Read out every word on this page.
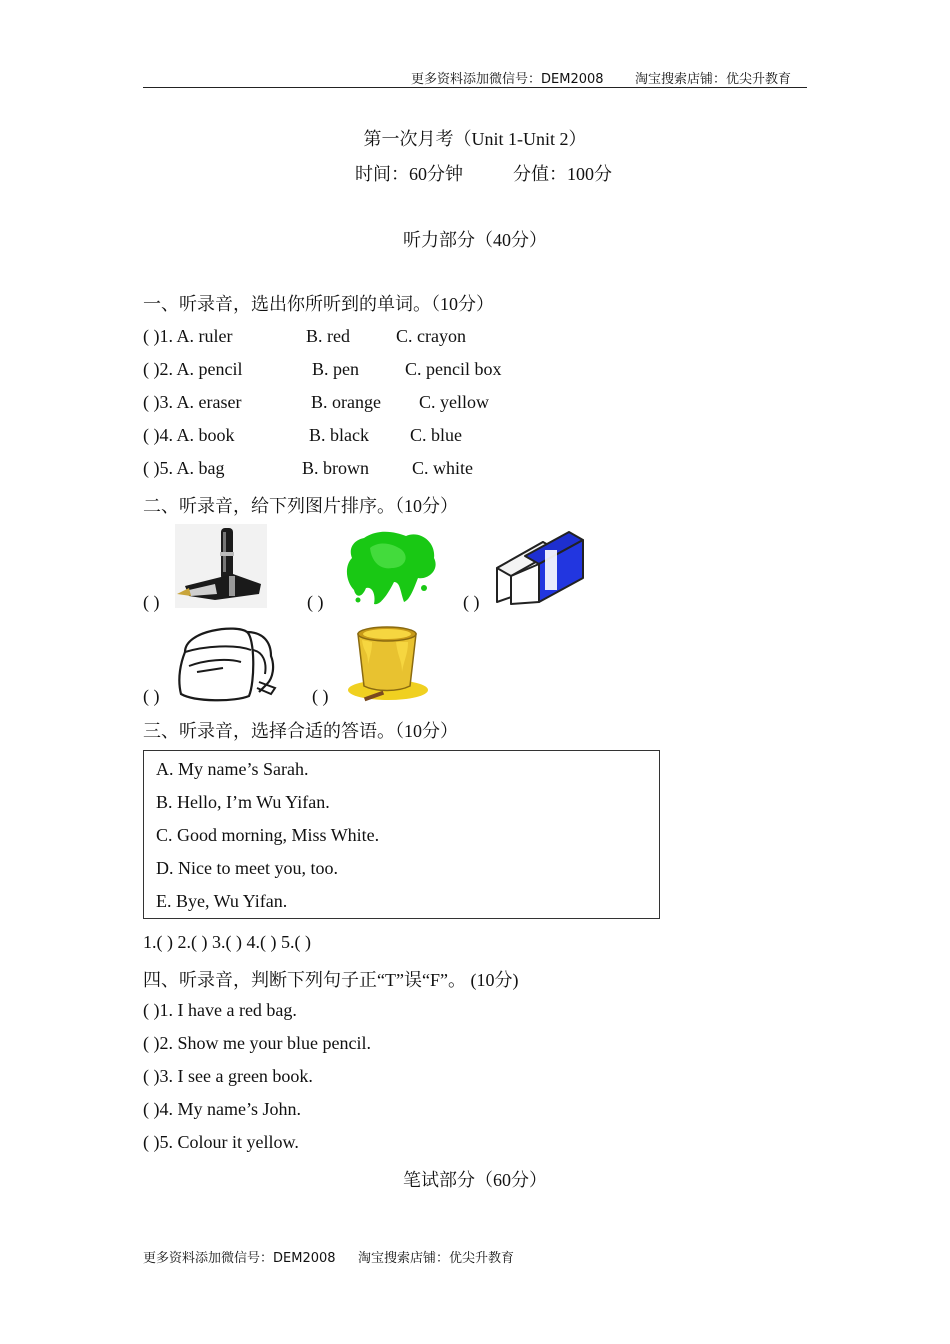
更多资料添加微信号：DEM2008 淘宝搜索店铺：优尖升教育
第一次月考（Unit 1-Unit 2）
时间：60分钟	分值：100分
听力部分（40分）
一、听录音，选出你所听到的单词。（10分）
( )1. A. ruler	B. red	C. crayon
( )2. A. pencil	B. pen	C. pencil box
( )3. A. eraser	B. orange C. yellow
( )4. A. book	B. black C. blue
( )5. A. bag	B. brown C. white
二、听录音，给下列图片排序。（10分）
( )	( )	( )
( )	( )
三、听录音，选择合适的答语。（10分）
A. My name’s Sarah.
B. Hello, I’m Wu Yifan.
C. Good morning, Miss White.
D. Nice to meet you, too.
E. Bye, Wu Yifan.
1.( ) 2.( ) 3.( ) 4.( ) 5.( )
四、听录音，判断下列句子正“T”误“F”。 (10分)
( )1. I have a red bag.
( )2. Show me your blue pencil.
( )3. I see a green book.
( )4. My name’s John.
( )5. Colour it yellow.
笔试部分（60分）
更多资料添加微信号：DEM2008 淘宝搜索店铺：优尖升教育
